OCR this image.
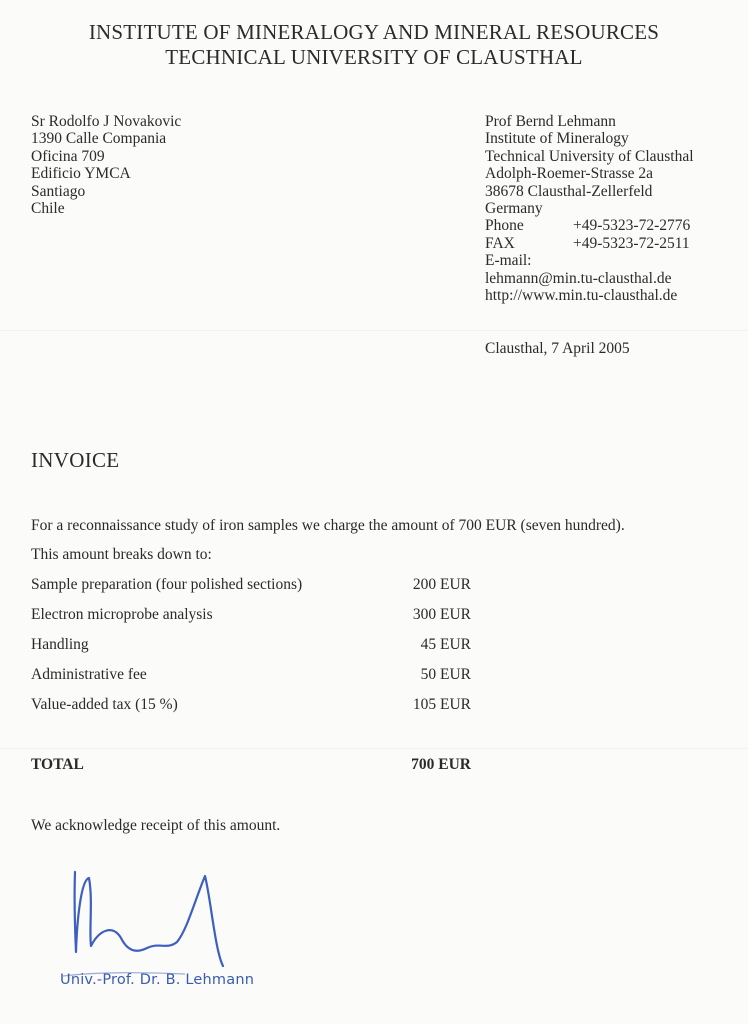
INSTITUTE OF MINERALOGY AND MINERAL RESOURCES
TECHNICAL UNIVERSITY OF CLAUSTHAL
Sr Rodolfo J Novakovic
1390 Calle Compania
Oficina 709
Edificio YMCA
Santiago
Chile
Prof Bernd Lehmann
Institute of Mineralogy
Technical University of Clausthal
Adolph-Roemer-Strasse 2a
38678 Clausthal-Zellerfeld
Germany
Phone	+49-5323-72-2776
FAX	+49-5323-72-2511
E-mail:
lehmann@min.tu-clausthal.de
http://www.min.tu-clausthal.de
Clausthal, 7 April 2005
INVOICE
For a reconnaissance study of iron samples we charge the amount of 700 EUR (seven hundred).
This amount breaks down to:
Sample preparation (four polished sections)	200 EUR
Electron microprobe analysis	300 EUR
Handling	45 EUR
Administrative fee	50 EUR
Value-added tax (15 %)	105 EUR
TOTAL	700 EUR
We acknowledge receipt of this amount.
Univ.-Prof. Dr. B. Lehmann
